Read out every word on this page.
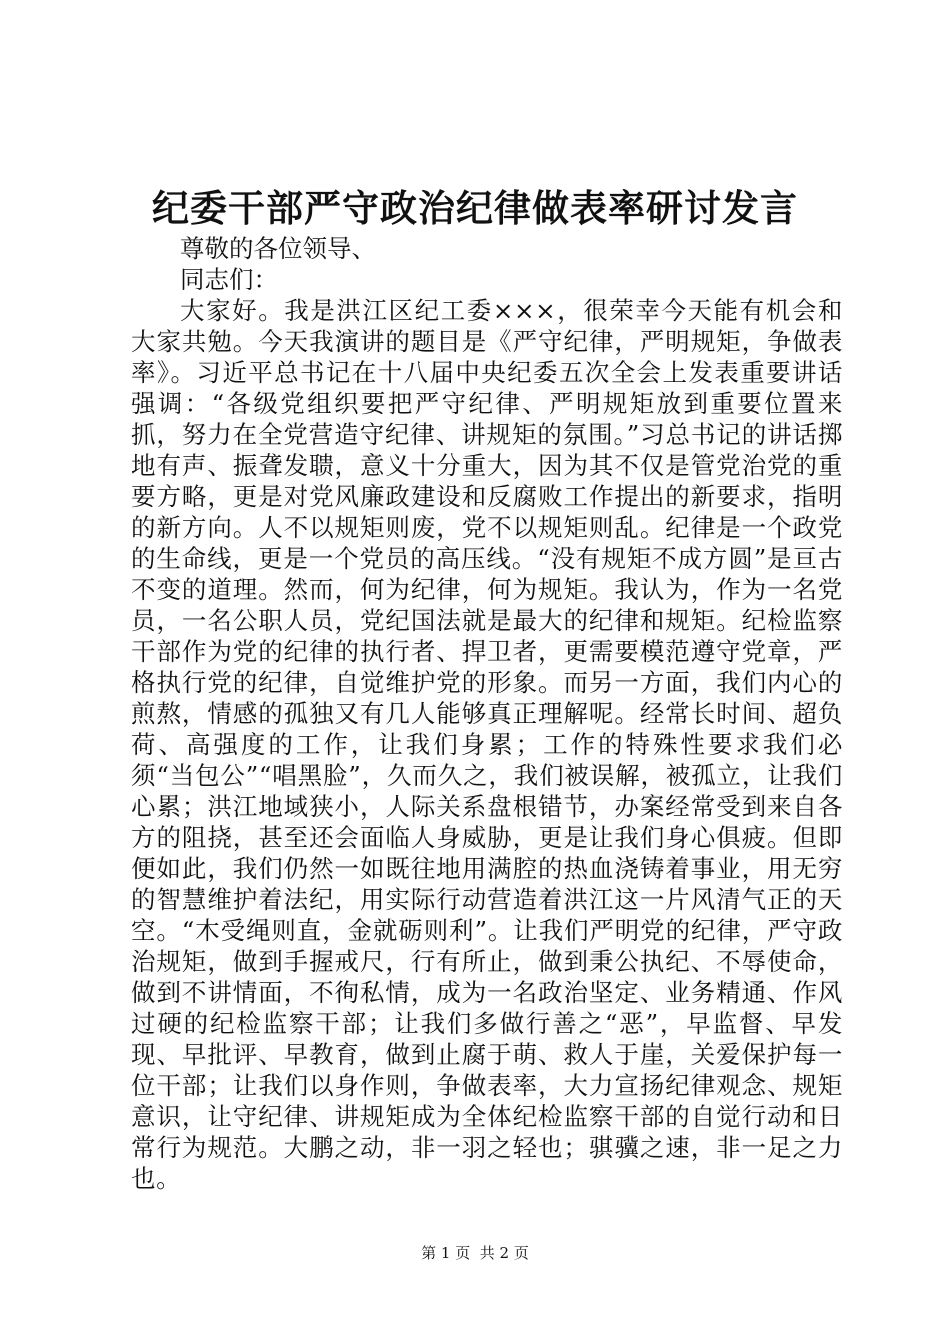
纪委干部严守政治纪律做表率研讨发言

尊敬的各位领导、

同志们：

大家好。我是洪江区纪工委×××，很荣幸今天能有机会和大家共勉。今天我演讲的题目是《严守纪律，严明规矩，争做表率》。习近平总书记在十八届中央纪委五次全会上发表重要讲话强调：“各级党组织要把严守纪律、严明规矩放到重要位置来抓，努力在全党营造守纪律、讲规矩的氛围。”习总书记的讲话掷地有声、振聋发聩，意义十分重大，因为其不仅是管党治党的重要方略，更是对党风廉政建设和反腐败工作提出的新要求，指明的新方向。人不以规矩则废，党不以规矩则乱。纪律是一个政党的生命线，更是一个党员的高压线。“没有规矩不成方圆”是亘古不变的道理。然而，何为纪律，何为规矩。我认为，作为一名党员，一名公职人员，党纪国法就是最大的纪律和规矩。纪检监察干部作为党的纪律的执行者、捍卫者，更需要模范遵守党章，严格执行党的纪律，自觉维护党的形象。而另一方面，我们内心的煎熬，情感的孤独又有几人能够真正理解呢。经常长时间、超负荷、高强度的工作，让我们身累；工作的特殊性要求我们必须“当包公”“唱黑脸”，久而久之，我们被误解，被孤立，让我们心累；洪江地域狭小，人际关系盘根错节，办案经常受到来自各方的阻挠，甚至还会面临人身威胁，更是让我们身心俱疲。但即便如此，我们仍然一如既往地用满腔的热血浇铸着事业，用无穷的智慧维护着法纪，用实际行动营造着洪江这一片风清气正的天空。“木受绳则直，金就砺则利”。让我们严明党的纪律，严守政治规矩，做到手握戒尺，行有所止，做到秉公执纪、不辱使命，做到不讲情面，不徇私情，成为一名政治坚定、业务精通、作风过硬的纪检监察干部；让我们多做行善之“恶”，早监督、早发现、早批评、早教育，做到止腐于萌、救人于崖，关爱保护每一位干部；让我们以身作则，争做表率，大力宣扬纪律观念、规矩意识，让守纪律、讲规矩成为全体纪检监察干部的自觉行动和日常行为规范。大鹏之动，非一羽之轻也；骐骥之速，非一足之力也。

第 1 页  共 2 页
